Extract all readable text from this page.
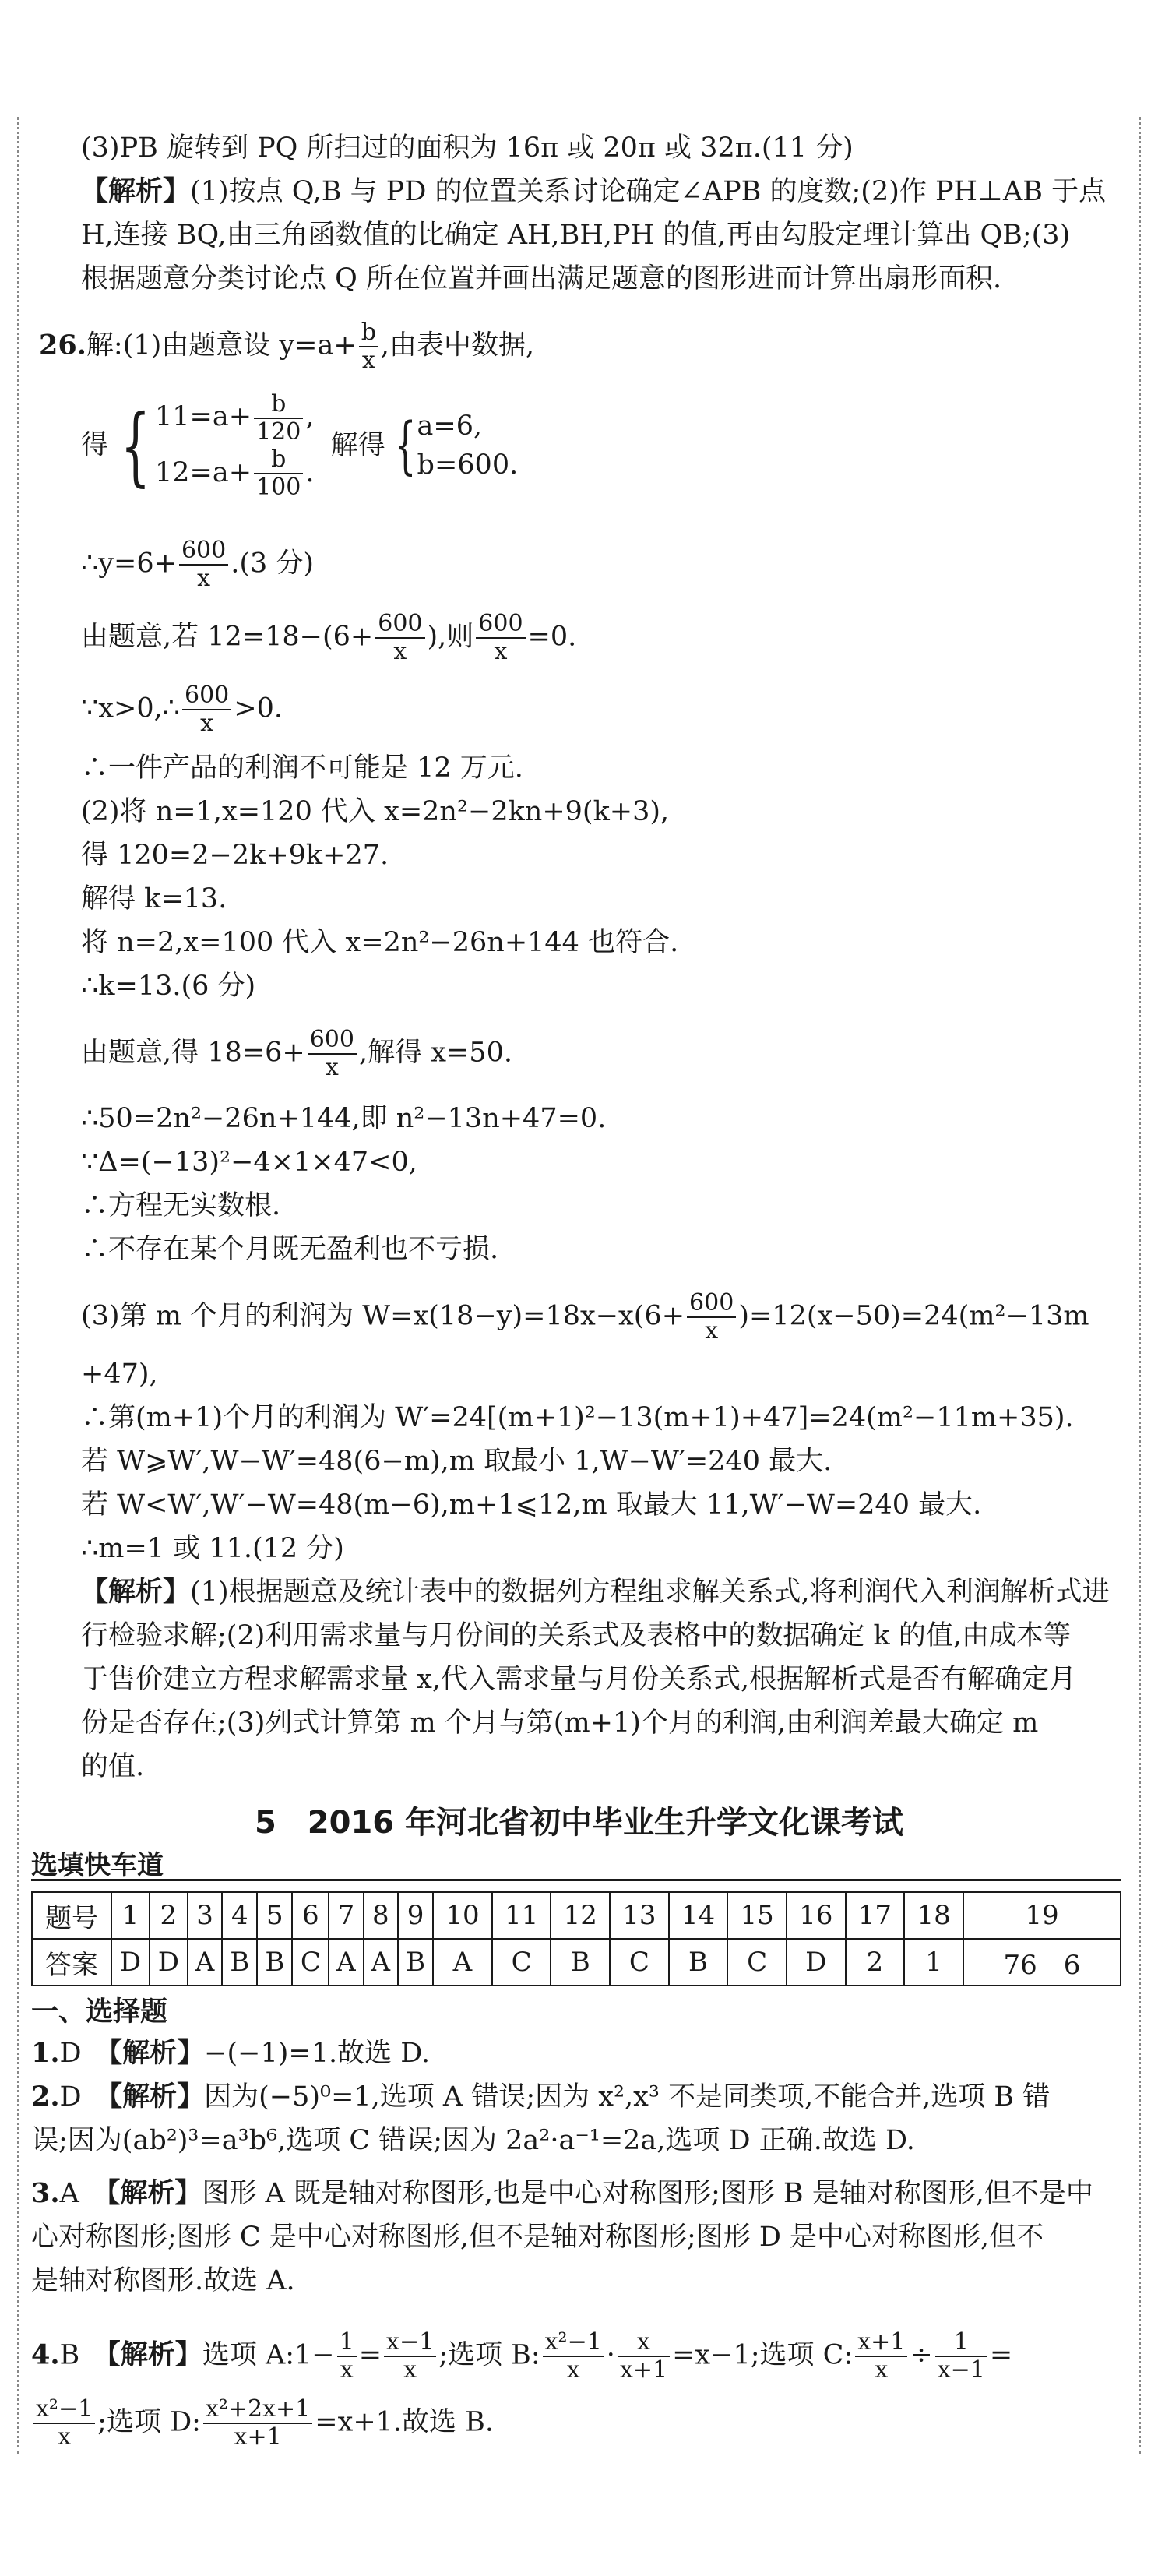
(3)PB 旋转到 PQ 所扫过的面积为 16π 或 20π 或 32π.(11 分)
【解析】(1)按点 Q,B 与 PD 的位置关系讨论确定∠APB 的度数;(2)作 PH⊥AB 于点
H,连接 BQ,由三角函数值的比确定 AH,BH,PH 的值,再由勾股定理计算出 QB;(3)
根据题意分类讨论点 Q 所在位置并画出满足题意的图形进而计算出扇形面积.
26.解:(1)由题意设 $y=a+ \frac{b}{x}$ ,由表中数据,
得 { $11=a+ \frac{b}{120}$ ,
$12=a+ \frac{b}{100}$ .
解得 { a=6,
b=600.
∴y=6+ $\frac{600}{x} .(3$ 分)
由题意,若 $12=18-(6+ \frac{600}{x}$ ),则 $\frac{600}{x} =0$.
∵x>0,∴ $\frac{600}{x} >0$.
∴一件产品的利润不可能是 12 万元.
(2)将 n=1,x=120 代入 x=2n²−2kn+9(k+3),
得 120=2−2k+9k+27.
解得 k=13.
将 n=2,x=100 代入 x=2n²−26n+144 也符合.
∴k=13.(6 分)
由题意,得 $18=6+ \frac{600}{x}$ ,解得 x=50.
∴50=2n²−26n+144,即 n²−13n+47=0.
∵Δ=(−13)²−4×1×47<0,
∴方程无实数根.
∴不存在某个月既无盈利也不亏损.
(3)第 m 个月的利润为 $W=x(18-y)=18x-x(6+ \frac{600}{x} )=12(x-50)=24(m^2-13m$
+47),
∴第(m+1)个月的利润为 W′=24[(m+1)²−13(m+1)+47]=24(m²−11m+35).
若 W⩾W′,W−W′=48(6−m),m 取最小 1,W−W′=240 最大.
若 W<W′,W′−W=48(m−6),m+1⩽12,m 取最大 11,W′−W=240 最大.
∴m=1 或 11.(12 分)
【解析】(1)根据题意及统计表中的数据列方程组求解关系式,将利润代入利润解析式进
行检验求解;(2)利用需求量与月份间的关系式及表格中的数据确定 k 的值,由成本等
于售价建立方程求解需求量 x,代入需求量与月份关系式,根据解析式是否有解确定月
份是否存在;(3)列式计算第 m 个月与第(m+1)个月的利润,由利润差最大确定 m
的值.
5　2016 年河北省初中毕业生升学文化课考试
选填快车道
题号	1	2	3	4	5	6	7	8	9	10	11	12	13	14	15	16	17	18	19
答案	D	D	A	B	B	C	A	A	B	A	C	B	C	B	C	D	2	1	76　6
一、选择题
1.D　 【解析】−(−1)=1.故选 D.
2.D　 【解析】因为(−5)⁰=1,选项 A 错误;因为 x²,x³ 不是同类项,不能合并,选项 B 错
误;因为(ab²)³=a³b⁶,选项 C 错误;因为 2a²·a⁻¹=2a,选项 D 正确.故选 D.
3.A　 【解析】图形 A 既是轴对称图形,也是中心对称图形;图形 B 是轴对称图形,但不是中
心对称图形;图形 C 是中心对称图形,但不是轴对称图形;图形 D 是中心对称图形,但不
是轴对称图形.故选 A.
4.B　 【解析】选项 A:1− $\frac{1}{x} = \frac{x-1}{x}$ ;选项 B: $\frac{\text{x²−1}}{x} \cdot \frac{x}{x+1} =x-1$;选项 C: $\frac{x+1}{x} \div \frac{1}{x-1}$ =
$\frac{\text{x²−1}}{x}$ ;选项 D: $\frac{\text{x²+2x+1}}{x+1} =x+1$.故选 B.
